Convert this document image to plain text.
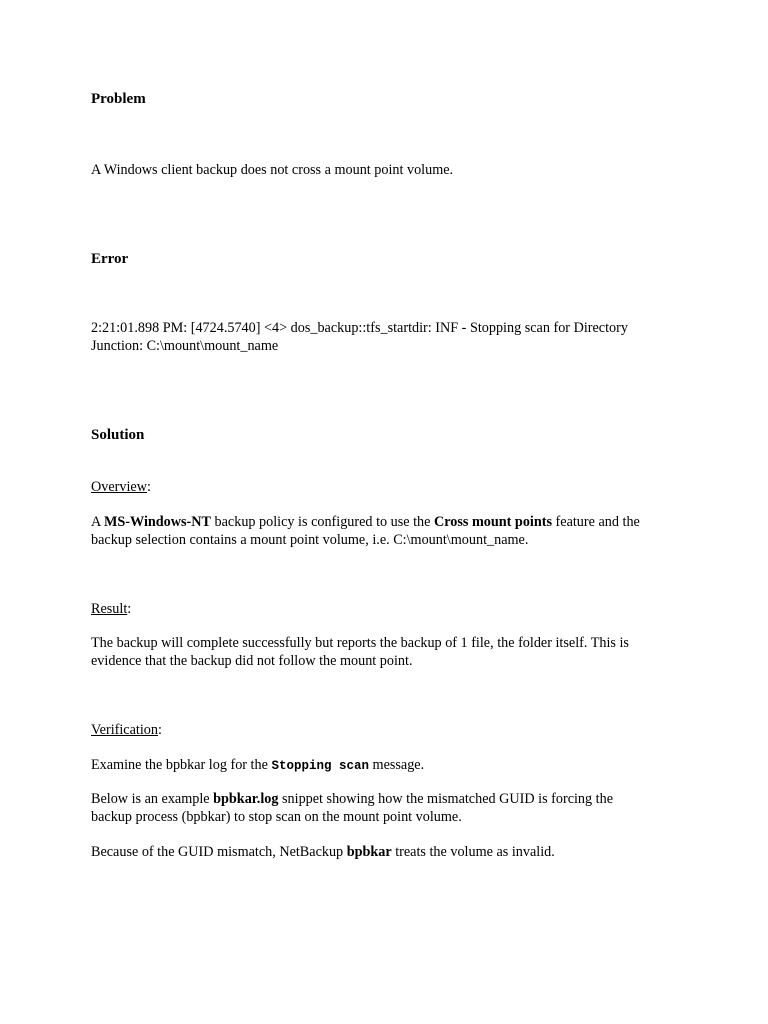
Problem
A Windows client backup does not cross a mount point volume.
Error
2:21:01.898 PM: [4724.5740] <4> dos_backup::tfs_startdir: INF - Stopping scan for Directory
Junction: C:\mount\mount_name
Solution
Overview:
A MS-Windows-NT backup policy is configured to use the Cross mount points feature and the
backup selection contains a mount point volume, i.e. C:\mount\mount_name.
Result:
The backup will complete successfully but reports the backup of 1 file, the folder itself. This is
evidence that the backup did not follow the mount point.
Verification:
Examine the bpbkar log for the Stopping scan message.
Below is an example bpbkar.log snippet showing how the mismatched GUID is forcing the
backup process (bpbkar) to stop scan on the mount point volume.
Because of the GUID mismatch, NetBackup bpbkar treats the volume as invalid.
